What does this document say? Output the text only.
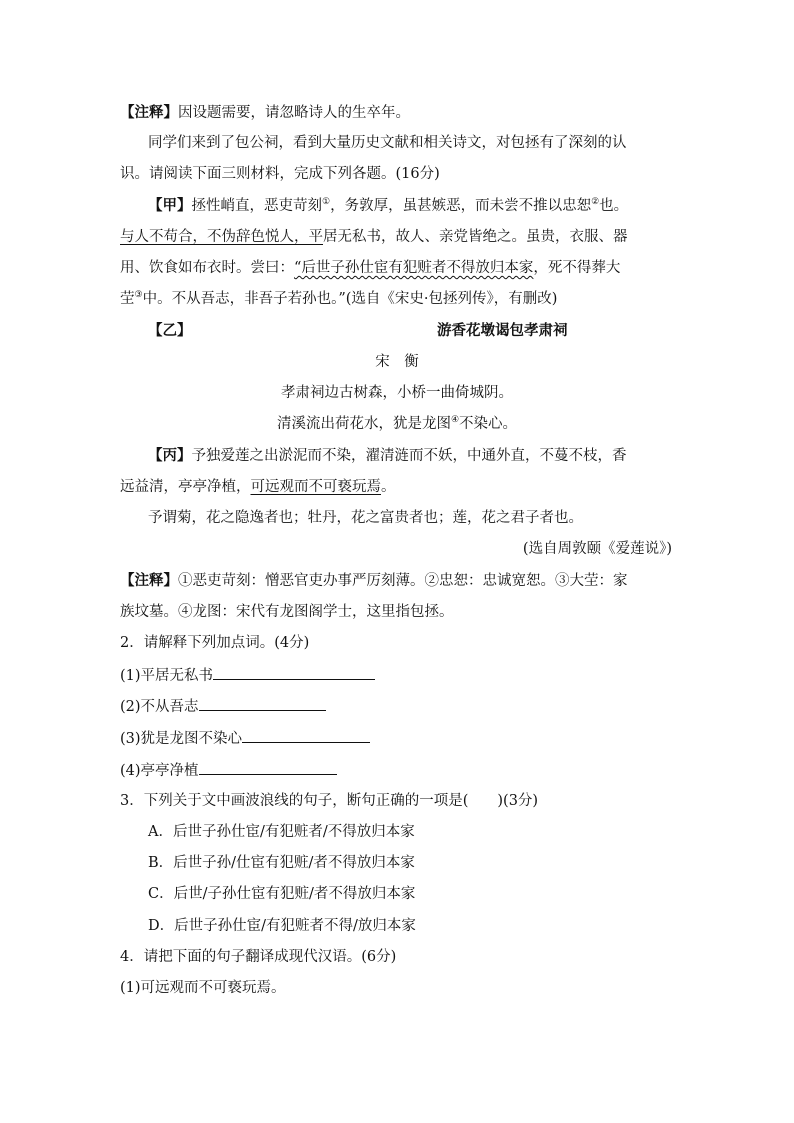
【注释】因设题需要，请忽略诗人的生卒年。
同学们来到了包公祠，看到大量历史文献和相关诗文，对包拯有了深刻的认
识。请阅读下面三则材料，完成下列各题。(16分)
【甲】拯性峭直，恶吏苛刻①，务敦厚，虽甚嫉恶，而未尝不推以忠恕②也。
与人不苟合，不伪辞色悦人，平居无私书，故人、亲党皆绝之。虽贵，衣服、器
用、饮食如布衣时。尝曰：“后世子孙仕宦有犯赃者不得放归本家，死不得葬大
茔③中。不从吾志，非吾子若孙也。”(选自《宋史·包拯列传》，有删改)
【乙】	游香花墩谒包孝肃祠
宋　衡
孝肃祠边古树森，小桥一曲倚城阴。
清溪流出荷花水，犹是龙图④不染心。
【丙】予独爱莲之出淤泥而不染，濯清涟而不妖，中通外直，不蔓不枝，香
远益清，亭亭净植，可远观而不可亵玩焉。
予谓菊，花之隐逸者也；牡丹，花之富贵者也；莲，花之君子者也。
(选自周敦颐《爱莲说》)
【注释】①恶吏苛刻：憎恶官吏办事严厉刻薄。②忠恕：忠诚宽恕。③大茔：家
族坟墓。④龙图：宋代有龙图阁学士，这里指包拯。
2．请解释下列加点词。(4分)
(1)平居无私书
(2)不从吾志
(3)犹是龙图不染心
(4)亭亭净植
3．下列关于文中画波浪线的句子，断句正确的一项是(　　)(3分)
A．后世子孙仕宦/有犯赃者/不得放归本家
B．后世子孙/仕宦有犯赃/者不得放归本家
C．后世/子孙仕宦有犯赃/者不得放归本家
D．后世子孙仕宦/有犯赃者不得/放归本家
4．请把下面的句子翻译成现代汉语。(6分)
(1)可远观而不可亵玩焉。
